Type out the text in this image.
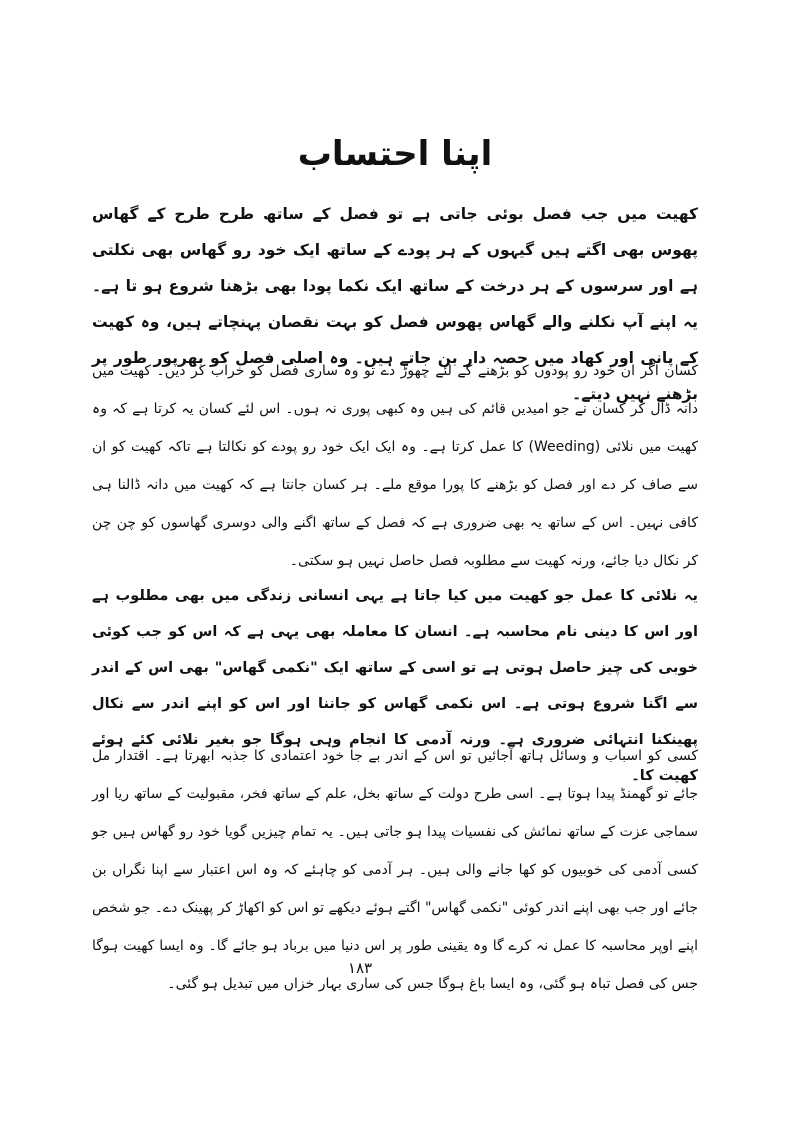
اپنا احتساب

کھیت میں جب فصل بوئی جاتی ہے تو فصل کے ساتھ طرح طرح کے گھاس پھوس بھی اگتے ہیں گیہوں کے ہر پودے کے ساتھ ایک خود رو گھاس بھی نکلتی ہے اور سرسوں کے ہر درخت کے ساتھ ایک نکما پودا بھی بڑھنا شروع ہو تا ہے۔ یہ اپنے آپ نکلنے والے گھاس پھوس فصل کو بہت نقصان پہنچاتے ہیں، وہ کھیت کے پانی اور کھاد میں حصہ دار بن جاتے ہیں۔ وہ اصلی فصل کو بھرپور طور پر بڑھنے نہیں دیتے۔

کسان اگر ان خود رو پودوں کو بڑھنے کے لئے چھوڑ دے تو وہ ساری فصل کو خراب کر دیں۔ کھیت میں دانہ ڈال کر کسان نے جو امیدیں قائم کی ہیں وہ کبھی پوری نہ ہوں۔ اس لئے کسان یہ کرتا ہے کہ وہ کھیت میں نلائی (Weeding) کا عمل کرتا ہے۔ وہ ایک ایک خود رو پودے کو نکالتا ہے تاکہ کھیت کو ان سے صاف کر دے اور فصل کو بڑھنے کا پورا موقع ملے۔ ہر کسان جانتا ہے کہ کھیت میں دانہ ڈالنا ہی کافی نہیں۔ اس کے ساتھ یہ بھی ضروری ہے کہ فصل کے ساتھ اگنے والی دوسری گھاسوں کو چن چن کر نکال دیا جائے، ورنہ کھیت سے مطلوبہ فصل حاصل نہیں ہو سکتی۔

یہ نلائی کا عمل جو کھیت میں کیا جاتا ہے یہی انسانی زندگی میں بھی مطلوب ہے اور اس کا دینی نام محاسبہ ہے۔ انسان کا معاملہ بھی یہی ہے کہ اس کو جب کوئی خوبی کی چیز حاصل ہوتی ہے تو اسی کے ساتھ ایک "نکمی گھاس" بھی اس کے اندر سے اگنا شروع ہوتی ہے۔ اس نکمی گھاس کو جاننا اور اس کو اپنے اندر سے نکال پھینکنا انتہائی ضروری ہے۔ ورنہ آدمی کا انجام وہی ہوگا جو بغیر نلائی کئے ہوئے کھیت کا۔

کسی کو اسباب و وسائل ہاتھ آجائیں تو اس کے اندر بے جا خود اعتمادی کا جذبہ ابھرتا ہے۔ اقتدار مل جائے تو گھمنڈ پیدا ہوتا ہے۔ اسی طرح دولت کے ساتھ بخل، علم کے ساتھ فخر، مقبولیت کے ساتھ ریا اور سماجی عزت کے ساتھ نمائش کی نفسیات پیدا ہو جاتی ہیں۔ یہ تمام چیزیں گویا خود رو گھاس ہیں جو کسی آدمی کی خوبیوں کو کھا جانے والی ہیں۔ ہر آدمی کو چاہئے کہ وہ اس اعتبار سے اپنا نگراں بن جائے اور جب بھی اپنے اندر کوئی "نکمی گھاس" اگتے ہوئے دیکھے تو اس کو اکھاڑ کر پھینک دے۔ جو شخص اپنے اوپر محاسبہ کا عمل نہ کرے گا وہ یقینی طور پر اس دنیا میں برباد ہو جائے گا۔ وہ ایسا کھیت ہوگا جس کی فصل تباہ ہو گئی، وہ ایسا باغ ہوگا جس کی ساری بہار خزاں میں تبدیل ہو گئی۔

۱۸۳
